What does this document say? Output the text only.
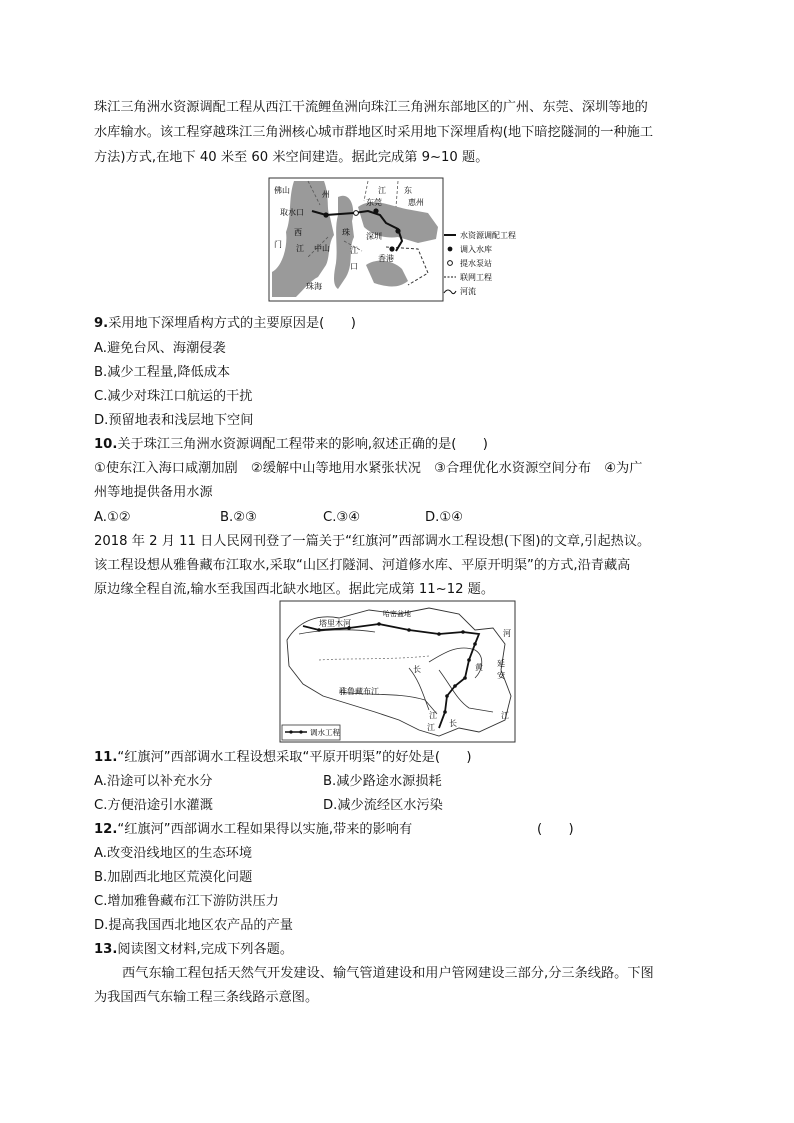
珠江三角洲水资源调配工程从西江干流鲤鱼洲向珠江三角洲东部地区的广州、东莞、深圳等地的
水库输水。该工程穿越珠江三角洲核心城市群地区时采用地下深埋盾构(地下暗挖隧洞的一种施工
方法)方式,在地下 40 米至 60 米空间建造。据此完成第 9~10 题。
佛山	州	江 东
东莞	惠州
取水口
西	珠
中山
深圳
江	江
门
口
香港
珠海
水资源调配工程
调入水库
提水泵站
联网工程
河流
9.采用地下深埋盾构方式的主要原因是(　　)
A.避免台风、海潮侵袭
B.减少工程量,降低成本
C.减少对珠江口航运的干扰
D.预留地表和浅层地下空间
10.关于珠江三角洲水资源调配工程带来的影响,叙述正确的是(　　)
①使东江入海口咸潮加剧　②缓解中山等地用水紧张状况　③合理优化水资源空间分布　④为广
州等地提供备用水源
A.①②	B.②③	C.③④	D.①④
2018 年 2 月 11 日人民网刊登了一篇关于“红旗河”西部调水工程设想(下图)的文章,引起热议。
该工程设想从雅鲁藏布江取水,采取“山区打隧洞、河道修水库、平原开明渠”的方式,沿青藏高
原边缘全程自流,输水至我国西北缺水地区。据此完成第 11~12 题。
塔里木河
哈密盆地
河
黄 延
安
长
雅鲁藏布江
江
长
江
江
调水工程
11.“红旗河”西部调水工程设想采取“平原开明渠”的好处是(　　)
A.沿途可以补充水分	B.减少路途水源损耗
C.方便沿途引水灌溉	D.减少流经区水污染
12.“红旗河”西部调水工程如果得以实施,带来的影响有	(　　)
A.改变沿线地区的生态环境
B.加剧西北地区荒漠化问题
C.增加雅鲁藏布江下游防洪压力
D.提高我国西北地区农产品的产量
13.阅读图文材料,完成下列各题。
西气东输工程包括天然气开发建设、输气管道建设和用户管网建设三部分,分三条线路。下图
为我国西气东输工程三条线路示意图。
